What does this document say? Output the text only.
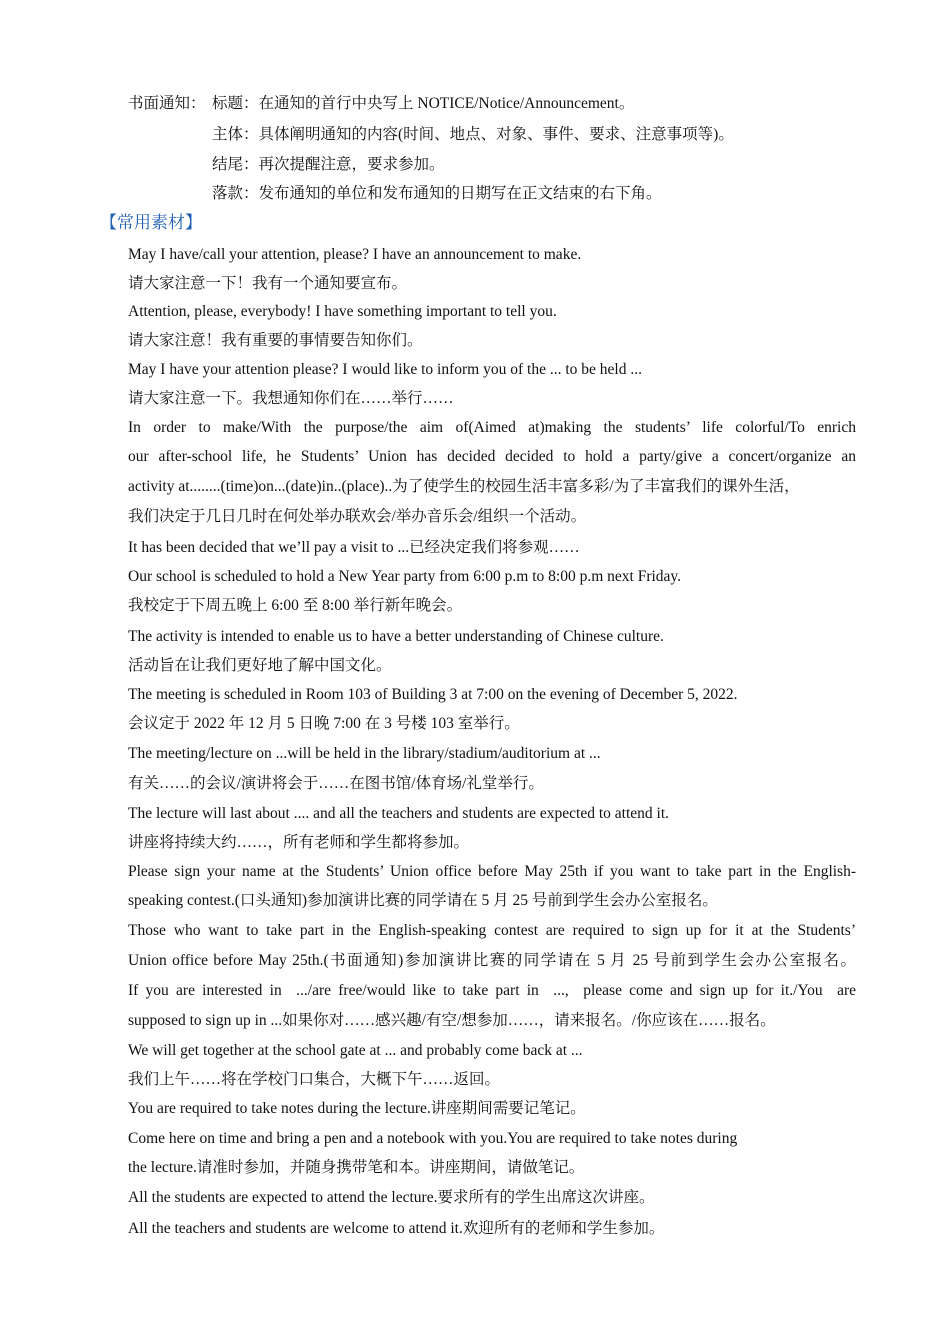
书面通知： 标题：在通知的首行中央写上 NOTICE/Notice/Announcement。
主体：具体阐明通知的内容(时间、地点、对象、事件、要求、注意事项等)。
结尾：再次提醒注意，要求参加。
落款：发布通知的单位和发布通知的日期写在正文结束的右下角。
【常用素材】
May I have/call your attention, please? I have an announcement to make.
请大家注意一下！我有一个通知要宣布。
Attention, please, everybody! I have something important to tell you.
请大家注意！我有重要的事情要告知你们。
May I have your attention please? I would like to inform you of the ... to be held ...
请大家注意一下。我想通知你们在……举行……
In order to make/With the purpose/the aim of(Aimed at)making the students’ life colorful/To enrich
our after-school life, he Students’ Union has decided decided to hold a party/give a concert/organize an
activity at........(time)on...(date)in..(place)..为了使学生的校园生活丰富多彩/为了丰富我们的课外生活，
我们决定于几日几时在何处举办联欢会/举办音乐会/组织一个活动。
It has been decided that we’ll pay a visit to ...已经决定我们将参观……
Our school is scheduled to hold a New Year party from 6:00 p.m to 8:00 p.m next Friday.
我校定于下周五晚上 6:00 至 8:00 举行新年晚会。
The activity is intended to enable us to have a better understanding of Chinese culture.
活动旨在让我们更好地了解中国文化。
The meeting is scheduled in Room 103 of Building 3 at 7:00 on the evening of December 5, 2022.
会议定于 2022 年 12 月 5 日晚 7:00 在 3 号楼 103 室举行。
The meeting/lecture on ...will be held in the library/stadium/auditorium at ...
有关……的会议/演讲将会于……在图书馆/体育场/礼堂举行。
The lecture will last about .... and all the teachers and students are expected to attend it.
讲座将持续大约……，所有老师和学生都将参加。
Please sign your name at the Students’ Union office before May 25th if you want to take part in the English-
speaking contest.(口头通知)参加演讲比赛的同学请在 5 月 25 号前到学生会办公室报名。
Those who want to take part in the English-speaking contest are required to sign up for it at the Students’
Union office before May 25th.(书面通知)参加演讲比赛的同学请在 5 月 25 号前到学生会办公室报名。
If you are interested in ​ .../are free/would like to take part in ​ ..., ​ please come and sign up for it./You ​ are
supposed to sign up in ...如果你对……感兴趣/有空/想参加……，请来报名。/你应该在……报名。
We will get together at the school gate at ... and probably come back at ...
我们上午……将在学校门口集合，大概下午……返回。
You are required to take notes during the lecture.讲座期间需要记笔记。
Come here on time and bring a pen and a notebook with you.You are required to take notes during
the lecture.请准时参加，并随身携带笔和本。讲座期间，请做笔记。
All the students are expected to attend the lecture.要求所有的学生出席这次讲座。
All the teachers and students are welcome to attend it.欢迎所有的老师和学生参加。
